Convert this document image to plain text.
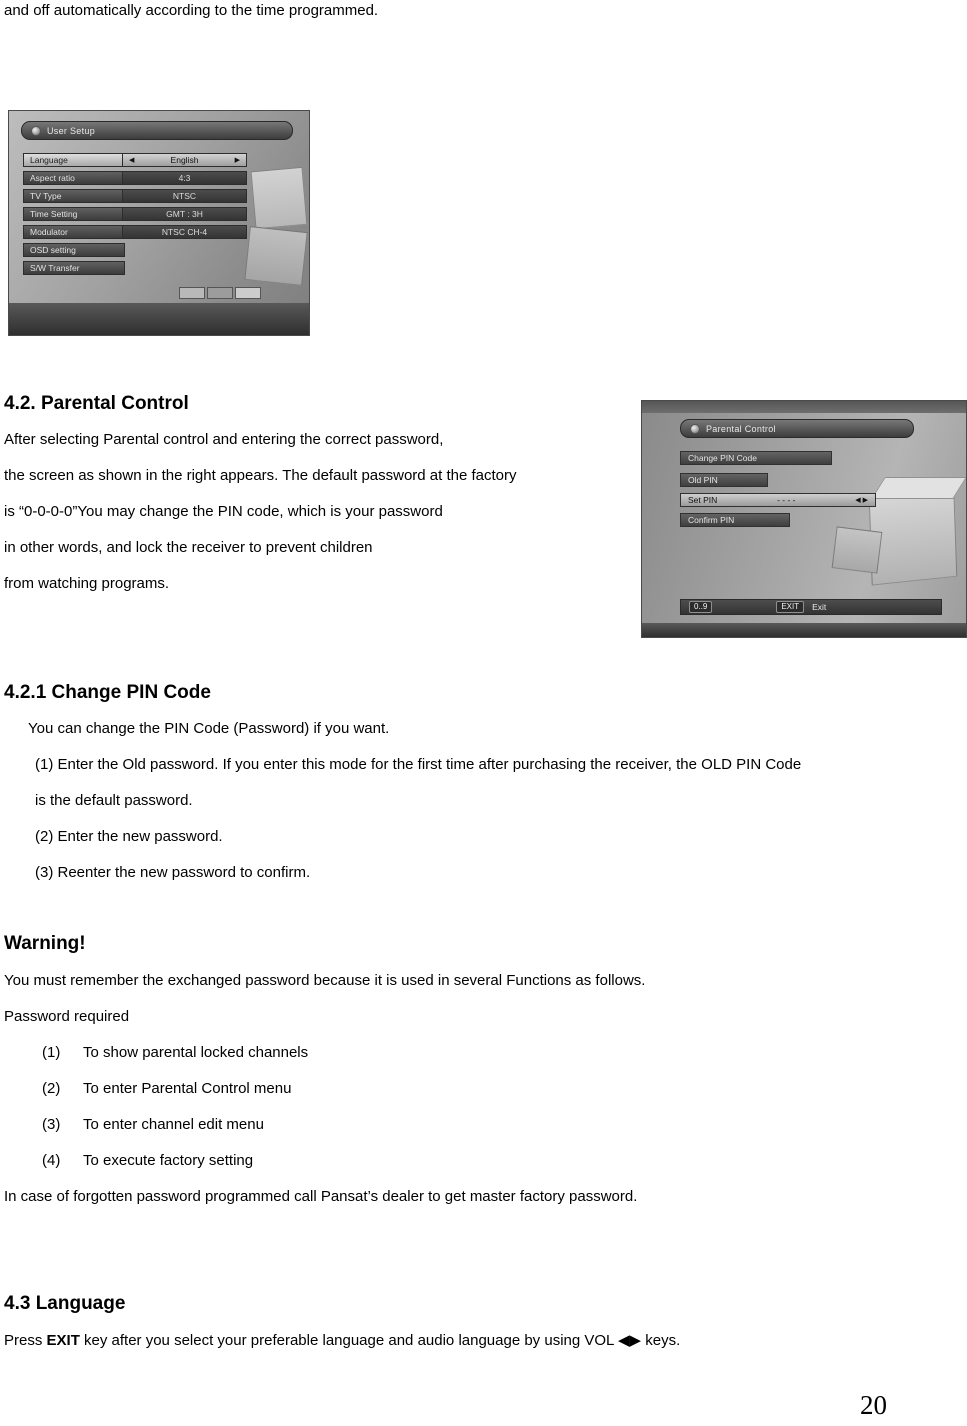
and off automatically according to the time programmed.
User Setup
Language	◀	English	▶
Aspect ratio	4:3
TV Type	NTSC
Time Setting	GMT : 3H
Modulator	NTSC CH-4
OSD setting
S/W Transfer
4.2. Parental Control
After selecting Parental control and entering the correct password,
the screen as shown in the right appears. The default password at the factory
is “0-0-0-0”You may change the PIN code, which is your password
in other words, and lock the receiver to prevent children
from watching programs.
Parental Control
Change PIN Code
Old PIN
Set PIN	- - - -	◀ ▶
Confirm PIN
0..9	EXIT	Exit
4.2.1 Change PIN Code
You can change the PIN Code (Password) if you want.
(1) Enter the Old password. If you enter this mode for the first time after purchasing the receiver, the OLD PIN Code
is the default password.
(2) Enter the new password.
(3) Reenter the new password to confirm.
Warning!
You must remember the exchanged password because it is used in several Functions as follows.
Password required
(1) To show parental locked channels
(2) To enter Parental Control menu
(3) To enter channel edit menu
(4) To execute factory setting
In case of forgotten password programmed call Pansat’s dealer to get master factory password.
4.3 Language
Press EXIT key after you select your preferable language and audio language by using VOL ◀▶ keys.
20
